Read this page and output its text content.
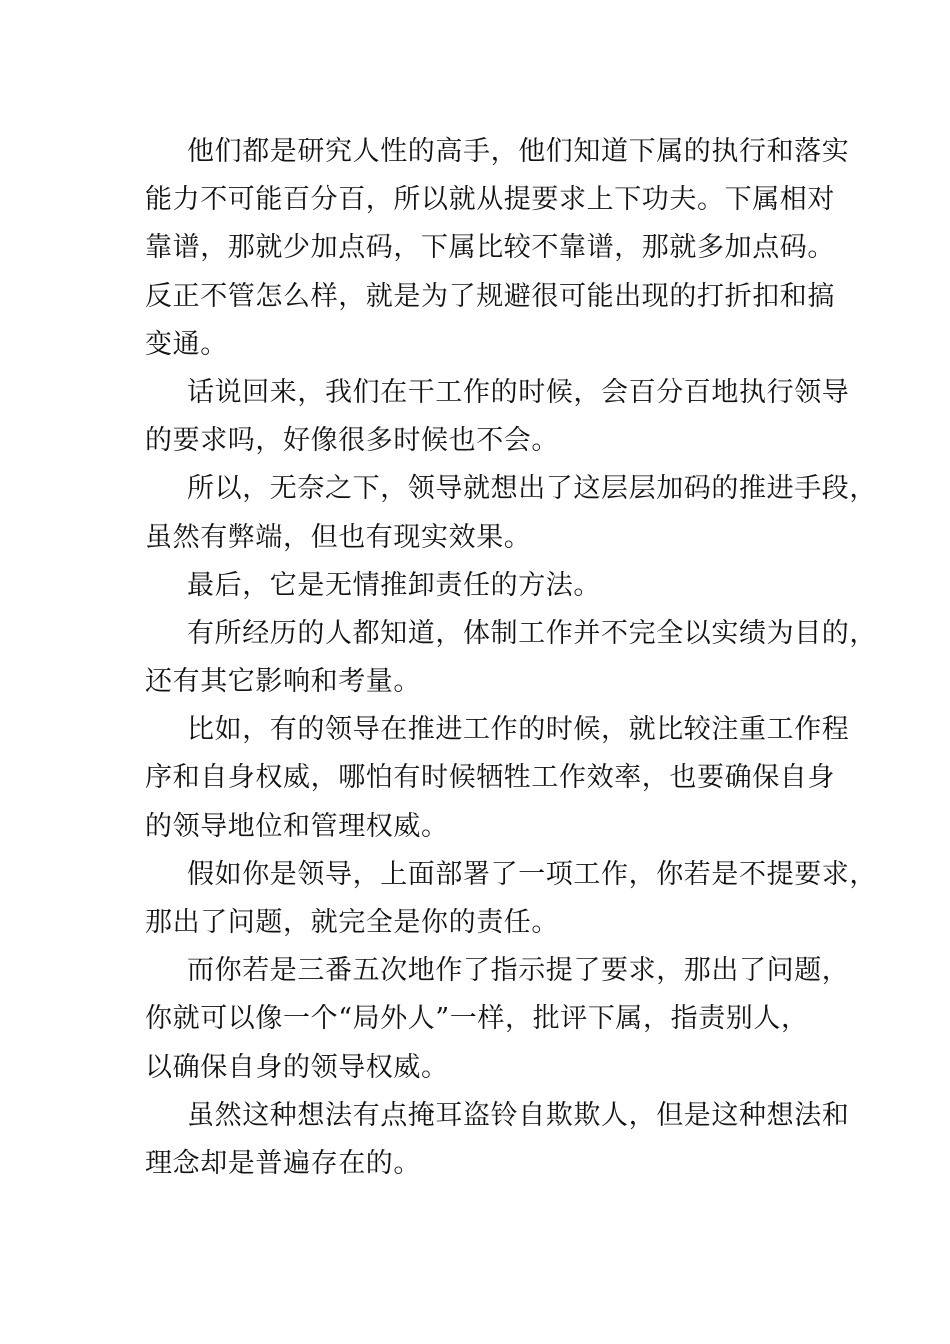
他们都是研究人性的高手，他们知道下属的执行和落实
能力不可能百分百，所以就从提要求上下功夫。下属相对
靠谱，那就少加点码，下属比较不靠谱，那就多加点码。
反正不管怎么样，就是为了规避很可能出现的打折扣和搞
变通。
话说回来，我们在干工作的时候，会百分百地执行领导
的要求吗，好像很多时候也不会。
所以，无奈之下，领导就想出了这层层加码的推进手段，
虽然有弊端，但也有现实效果。
最后，它是无情推卸责任的方法。
有所经历的人都知道，体制工作并不完全以实绩为目的，
还有其它影响和考量。
比如，有的领导在推进工作的时候，就比较注重工作程
序和自身权威，哪怕有时候牺牲工作效率，也要确保自身
的领导地位和管理权威。
假如你是领导，上面部署了一项工作，你若是不提要求，
那出了问题，就完全是你的责任。
而你若是三番五次地作了指示提了要求，那出了问题，
你就可以像一个“局外人”一样，批评下属，指责别人，
以确保自身的领导权威。
虽然这种想法有点掩耳盗铃自欺欺人，但是这种想法和
理念却是普遍存在的。
